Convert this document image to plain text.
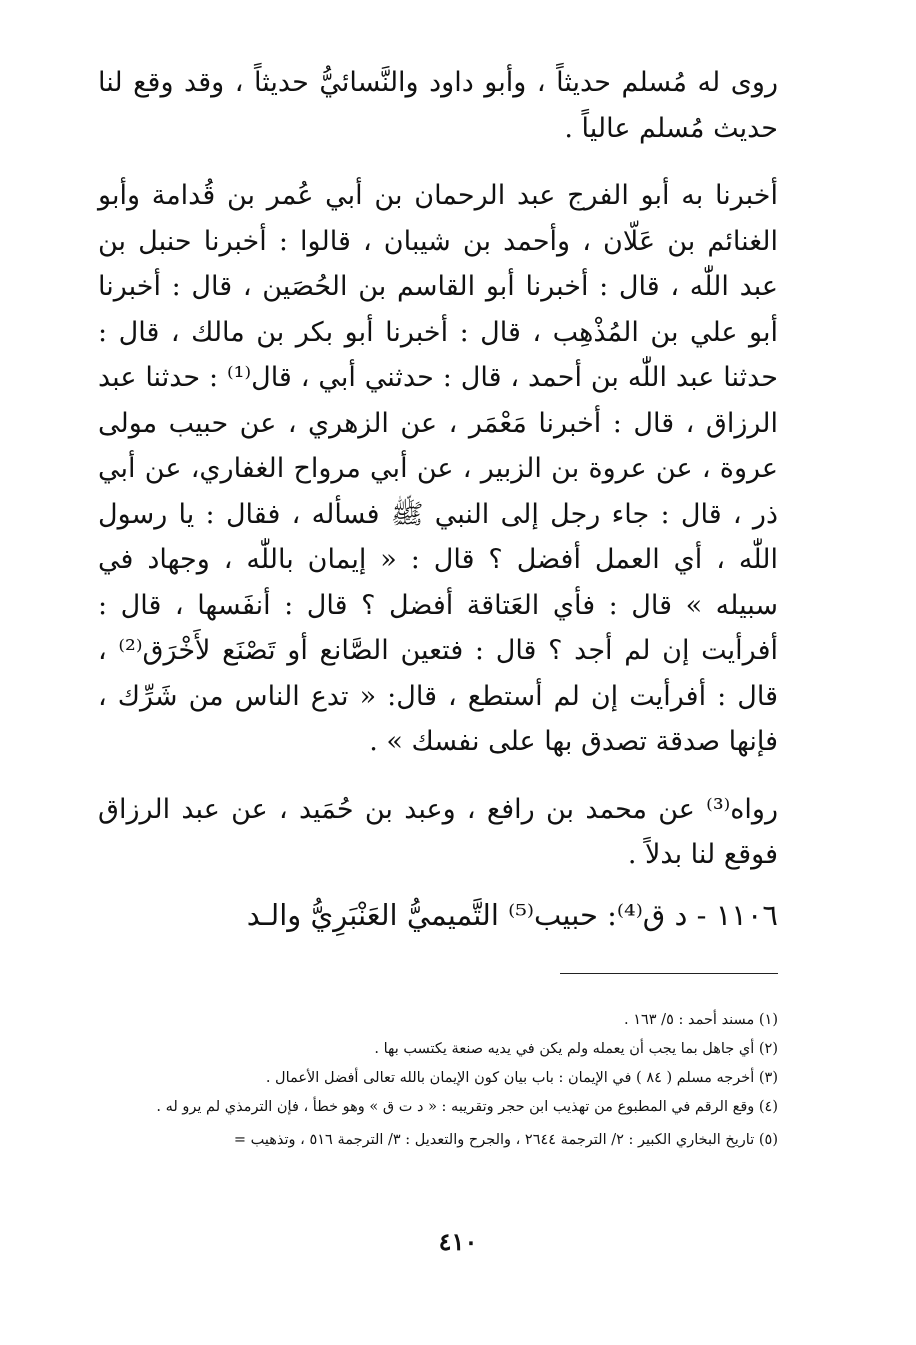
روى له مُسلم حديثاً ، وأبو داود والنَّسائيُّ حديثاً ، وقد وقع لنا حديث مُسلم عالياً .

أخبرنا به أبو الفرج عبد الرحمان بن أبي عُمر بن قُدامة وأبو الغنائم بن عَلّان ، وأحمد بن شيبان ، قالوا : أخبرنا حنبل بن عبد اللّٰه ، قال : أخبرنا أبو القاسم بن الحُصَين ، قال : أخبرنا أبو علي بن المُذْهِب ، قال : أخبرنا أبو بكر بن مالك ، قال : حدثنا عبد اللّٰه بن أحمد ، قال : حدثني أبي ، قال⁽¹⁾ : حدثنا عبد الرزاق ، قال : أخبرنا مَعْمَر ، عن الزهري ، عن حبيب مولى عروة ، عن عروة بن الزبير ، عن أبي مرواح الغفاري، عن أبي ذر ، قال : جاء رجل إلى النبي ﷺ فسأله ، فقال : يا رسول اللّٰه ، أي العمل أفضل ؟ قال : « إيمان باللّٰه ، وجهاد في سبيله » قال : فأي العَتاقة أفضل ؟ قال : أنفَسها ، قال : أفرأيت إن لم أجد ؟ قال : فتعين الصَّانع أو تَصْنَع لأَخْرَق⁽²⁾ ، قال : أفرأيت إن لم أستطع ، قال: « تدع الناس من شَرِّك ، فإنها صدقة تصدق بها على نفسك » .

رواه⁽³⁾ عن محمد بن رافع ، وعبد بن حُمَيد ، عن عبد الرزاق فوقع لنا بدلاً .

١١٠٦ - د ق⁽⁴⁾: حبيب⁽⁵⁾ التَّميميُّ العَنْبَرِيُّ والـد

(١) مسند أحمد : ٥/ ١٦٣ .
(٢) أي جاهل بما يجب أن يعمله ولم يكن في يديه صنعة يكتسب بها .
(٣) أخرجه مسلم ( ٨٤ ) في الإيمان : باب بيان كون الإيمان بالله تعالى أفضل الأعمال .
(٤) وقع الرقم في المطبوع من تهذيب ابن حجر وتقريبه : « د ت ق » وهو خطأ ، فإن الترمذي لم يرو له .
(٥) تاريخ البخاري الكبير : ٢/ الترجمة ٢٦٤٤ ، والجرح والتعديل : ٣/ الترجمة ٥١٦ ، وتذهيب =
٤١٠
